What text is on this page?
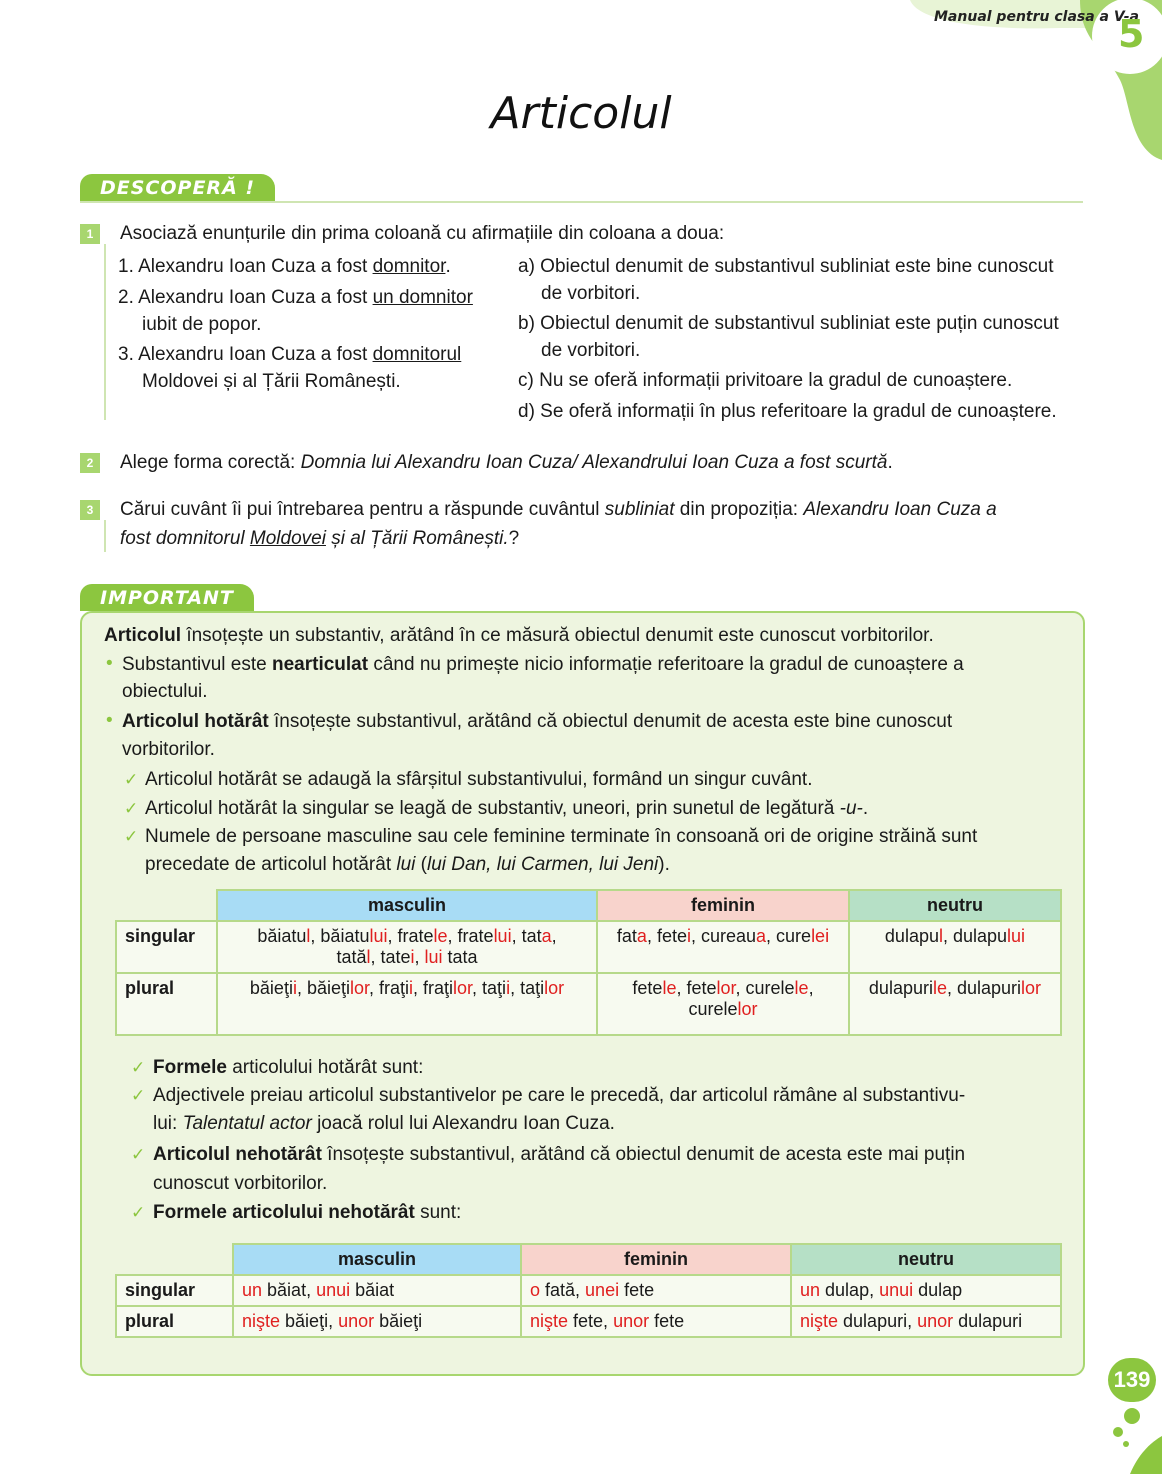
Manual pentru clasa a V-a
5
Articolul
DESCOPERĂ !
1	Asociază enunțurile din prima coloană cu afirmațiile din coloana a doua:
1. Alexandru Ioan Cuza a fost domnitor.
2. Alexandru Ioan Cuza a fost un domnitor
iubit de popor.
3. Alexandru Ioan Cuza a fost domnitorul
Moldovei și al Țării Românești.
a) Obiectul denumit de substantivul subliniat este bine cunoscut
de vorbitori.
b) Obiectul denumit de substantivul subliniat este puțin cunoscut
de vorbitori.
c) Nu se oferă informații privitoare la gradul de cunoaștere.
d) Se oferă informații în plus referitoare la gradul de cunoaștere.
2	Alege forma corectă: Domnia lui Alexandru Ioan Cuza/ Alexandrului Ioan Cuza a fost scurtă.
3	Cărui cuvânt îi pui întrebarea pentru a răspunde cuvântul subliniat din propoziția: Alexandru Ioan Cuza a
fost domnitorul Moldovei și al Țării Românești.?
IMPORTANT
Articolul însoțește un substantiv, arătând în ce măsură obiectul denumit este cunoscut vorbitorilor.
• Substantivul este nearticulat când nu primește nicio informație referitoare la gradul de cunoaștere a
obiectului.
• Articolul hotărât însoțește substantivul, arătând că obiectul denumit de acesta este bine cunoscut
vorbitorilor.
✓ Articolul hotărât se adaugă la sfârșitul substantivului, formând un singur cuvânt.
✓ Articolul hotărât la singular se leagă de substantiv, uneori, prin sunetul de legătură -u-.
✓ Numele de persoane masculine sau cele feminine terminate în consoană ori de origine străină sunt
precedate de articolul hotărât lui (lui Dan, lui Carmen, lui Jeni).
	masculin	feminin	neutru
singular	băiatul, băiatului, fratele, fratelui, tata,
tatăl, tatei, lui tata	fata, fetei, cureaua, curelei	dulapul, dulapului
plural	băieţii, băieţilor, fraţii, fraţilor, taţii, taţilor	fetele, fetelor, curelele,
curelelor	dulapurile, dulapurilor
✓ Formele articolului hotărât sunt:
✓ Adjectivele preiau articolul substantivelor pe care le precedă, dar articolul rămâne al substantivu-
lui: Talentatul actor joacă rolul lui Alexandru Ioan Cuza.
✓ Articolul nehotărât însoțește substantivul, arătând că obiectul denumit de acesta este mai puțin
cunoscut vorbitorilor.
✓ Formele articolului nehotărât sunt:
	masculin	feminin	neutru
singular	un băiat, unui băiat	o fată, unei fete	un dulap, unui dulap
plural	nişte băieţi, unor băieţi	nişte fete, unor fete	nişte dulapuri, unor dulapuri
139
